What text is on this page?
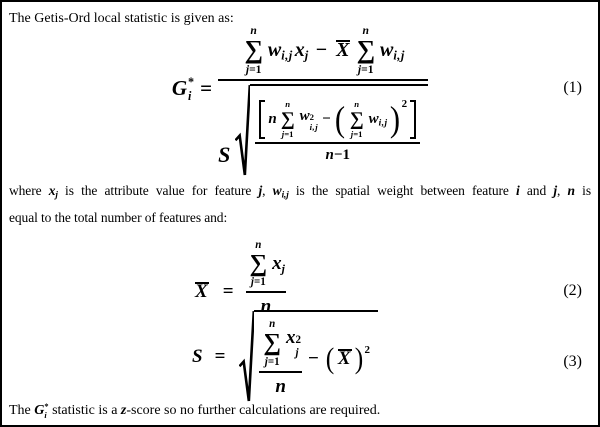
The Getis-Ord local statistic is given as:
G *
i =
n
∑
j = 1
w i,j x j − X
n
∑
j = 1
w i,j
S
n
n
∑
j = 1
w 2
i,j − ( n
∑
j = 1
w i,j ) 2
n − 1
(1)
where xj is the attribute value for feature j, wi,j is the spatial weight between feature i and j, n is
equal to the total number of features and:
X = n
∑
j = 1
x j
n	(2)
S =
n
∑
j = 1
x 2
j
n
− ( X ) 2
(3)
The G *
i statistic is a z-score so no further calculations are required.
